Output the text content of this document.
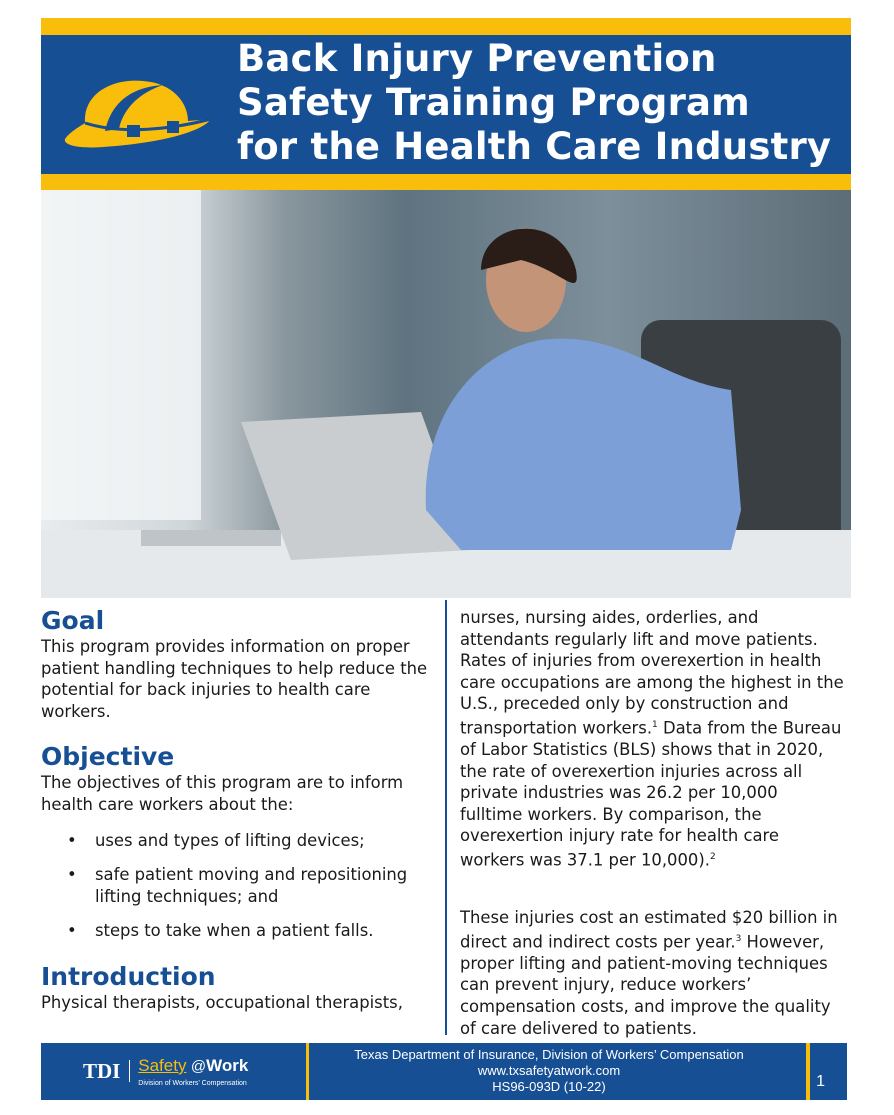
Back Injury Prevention
Safety Training Program
for the Health Care Industry
Goal

This program provides information on proper patient handling techniques to help reduce the potential for back injuries to health care workers.

Objective

The objectives of this program are to inform health care workers about the:

• uses and types of lifting devices;
• safe patient moving and repositioning lifting techniques; and
• steps to take when a patient falls.
Introduction

Physical therapists, occupational therapists,

nurses, nursing aides, orderlies, and attendants regularly lift and move patients. Rates of injuries from overexertion in health care occupations are among the highest in the U.S., preceded only by construction and transportation workers.$^1$ Data from the Bureau of Labor Statistics (BLS) shows that in 2020, the rate of overexertion injuries across all private industries was 26.2 per 10,000 fulltime workers. By comparison, the overexertion injury rate for health care workers was 37.1 per 10,000).$^2$

These injuries cost an estimated $20 billion in direct and indirect costs per year.$^3$ However, proper lifting and patient-moving techniques can prevent injury, reduce workers’ compensation costs, and improve the quality of care delivered to patients.

TDI Safety @Work
Division of Workers’ Compensation
Texas Department of Insurance, Division of Workers’ Compensation
www.txsafetyatwork.com
HS96-093D (10-22)	1
